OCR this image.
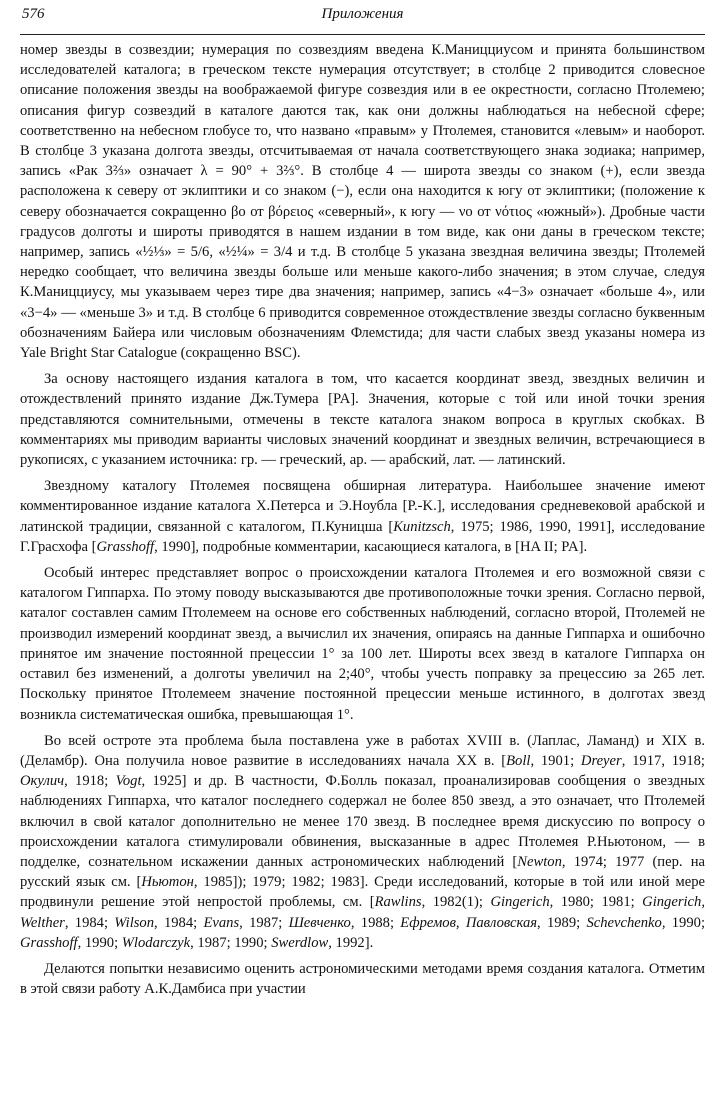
576	Приложения

номер звезды в созвездии; нумерация по созвездиям введена К.Маницциусом и принята большинством исследователей каталога; в греческом тексте нумерация отсутствует; в столбце 2 приводится словесное описание положения звезды на воображаемой фигуре созвездия или в ее окрестности, согласно Птолемею; описания фигур созвездий в каталоге даются так, как они должны наблюдаться на небесной сфере; соответственно на небесном глобусе то, что названо «правым» у Птолемея, становится «левым» и наоборот. В столбце 3 указана долгота звезды, отсчитываемая от начала соответствующего знака зодиака; например, запись «Рак 3⅔» означает λ = 90° + 3⅔°. В столбце 4 — широта звезды со знаком (+), если звезда расположена к северу от эклиптики и со знаком (−), если она находится к югу от эклиптики; (положение к северу обозначается сокращенно βо от βόρειος «северный», к югу — νο от νότιος «южный»). Дробные части градусов долготы и широты приводятся в нашем издании в том виде, как они даны в греческом тексте; например, запись «½⅓» = 5/6, «½¼» = 3/4 и т.д. В столбце 5 указана звездная величина звезды; Птолемей нередко сообщает, что величина звезды больше или меньше какого-либо значения; в этом случае, следуя К.Маницциусу, мы указываем через тире два значения; например, запись «4−3» означает «больше 4», или «3−4» — «меньше 3» и т.д. В столбце 6 приводится современное отождествление звезды согласно буквенным обозначениям Байера или числовым обозначениям Флемстида; для части слабых звезд указаны номера из Yale Bright Star Catalogue (сокращенно BSC).

За основу настоящего издания каталога в том, что касается координат звезд, звездных величин и отождествлений принято издание Дж.Тумера [PA]. Значения, которые с той или иной точки зрения представляются сомнительными, отмечены в тексте каталога знаком вопроса в круглых скобках. В комментариях мы приводим варианты числовых значений координат и звездных величин, встречающиеся в рукописях, с указанием источника: гр. — греческий, ар. — арабский, лат. — латинский.

Звездному каталогу Птолемея посвящена обширная литература. Наибольшее значение имеют комментированное издание каталога Х.Петерса и Э.Ноубла [P.-K.], исследования средневековой арабской и латинской традиции, связанной с каталогом, П.Куницша [Kunitzsch, 1975; 1986, 1990, 1991], исследование Г.Грасхофа [Grasshoff, 1990], подробные комментарии, касающиеся каталога, в [HA II; PA].

Особый интерес представляет вопрос о происхождении каталога Птолемея и его возможной связи с каталогом Гиппарха. По этому поводу высказываются две противоположные точки зрения. Согласно первой, каталог составлен самим Птолемеем на основе его собственных наблюдений, согласно второй, Птолемей не производил измерений координат звезд, а вычислил их значения, опираясь на данные Гиппарха и ошибочно принятое им значение постоянной прецессии 1° за 100 лет. Широты всех звезд в каталоге Гиппарха он оставил без изменений, а долготы увеличил на 2;40°, чтобы учесть поправку за прецессию за 265 лет. Поскольку принятое Птолемеем значение постоянной прецессии меньше истинного, в долготах звезд возникла систематическая ошибка, превышающая 1°.

Во всей остроте эта проблема была поставлена уже в работах XVIII в. (Лаплас, Ламанд) и XIX в. (Деламбр). Она получила новое развитие в исследованиях начала XX в. [Boll, 1901; Dreyer, 1917, 1918; Окулич, 1918; Vogt, 1925] и др. В частности, Ф.Болль показал, проанализировав сообщения о звездных наблюдениях Гиппарха, что каталог последнего содержал не более 850 звезд, а это означает, что Птолемей включил в свой каталог дополнительно не менее 170 звезд. В последнее время дискуссию по вопросу о происхождении каталога стимулировали обвинения, высказанные в адрес Птолемея Р.Ньютоном, — в подделке, сознательном искажении данных астрономических наблюдений [Newton, 1974; 1977 (пер. на русский язык см. [Ньютон, 1985]); 1979; 1982; 1983]. Среди исследований, которые в той или иной мере продвинули решение этой непростой проблемы, см. [Rawlins, 1982(1); Gingerich, 1980; 1981; Gingerich, Welther, 1984; Wilson, 1984; Evans, 1987; Шевченко, 1988; Ефремов, Павловская, 1989; Schevchenko, 1990; Grasshoff, 1990; Wlodarczyk, 1987; 1990; Swerdlow, 1992].

Делаются попытки независимо оценить астрономическими методами время создания каталога. Отметим в этой связи работу А.К.Дамбиса при участии
